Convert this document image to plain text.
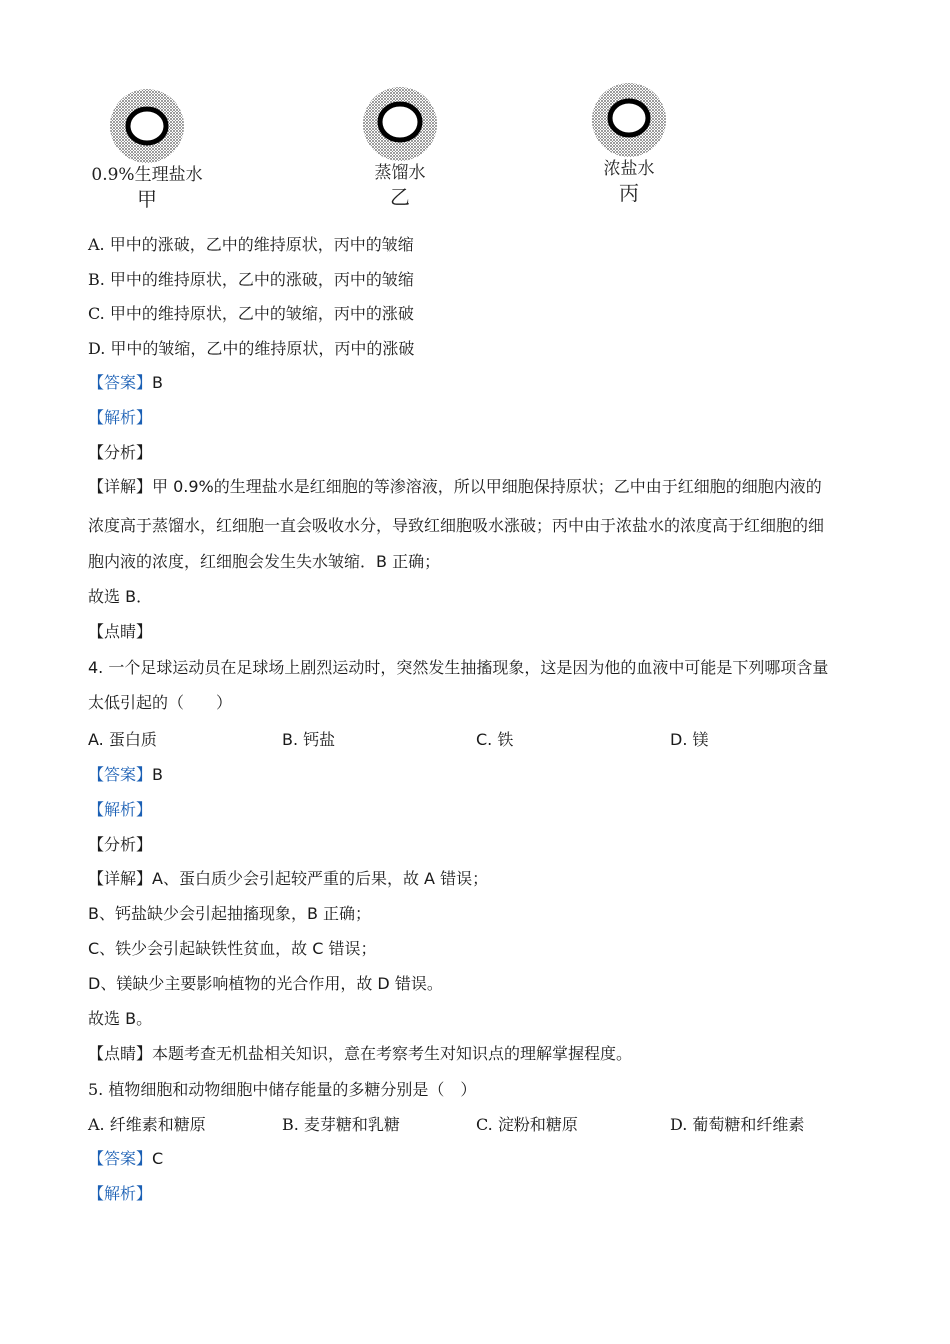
0.9%生理盐水
甲
蒸馏水
乙
浓盐水
丙
A. 甲中的涨破，乙中的维持原状，丙中的皱缩
B. 甲中的维持原状，乙中的涨破，丙中的皱缩
C. 甲中的维持原状，乙中的皱缩，丙中的涨破
D. 甲中的皱缩，乙中的维持原状，丙中的涨破
【答案】B
【解析】
【分析】
【详解】甲 0.9%的生理盐水是红细胞的等渗溶液，所以甲细胞保持原状；乙中由于红细胞的细胞内液的
浓度高于蒸馏水，红细胞一直会吸收水分，导致红细胞吸水涨破；丙中由于浓盐水的浓度高于红细胞的细
胞内液的浓度，红细胞会发生失水皱缩．B 正确；
故选 B．
【点睛】
4. 一个足球运动员在足球场上剧烈运动时，突然发生抽搐现象，这是因为他的血液中可能是下列哪项含量
太低引起的（　　）
A. 蛋白质	B. 钙盐	C. 铁	D. 镁
【答案】B
【解析】
【分析】
【详解】A、蛋白质少会引起较严重的后果，故 A 错误；
B、钙盐缺少会引起抽搐现象，B 正确；
C、铁少会引起缺铁性贫血，故 C 错误；
D、镁缺少主要影响植物的光合作用，故 D 错误。
故选 B。
【点睛】本题考查无机盐相关知识，意在考察考生对知识点的理解掌握程度。
5. 植物细胞和动物细胞中储存能量的多糖分别是（　）
A. 纤维素和糖原	B. 麦芽糖和乳糖	C. 淀粉和糖原	D. 葡萄糖和纤维素
【答案】C
【解析】
